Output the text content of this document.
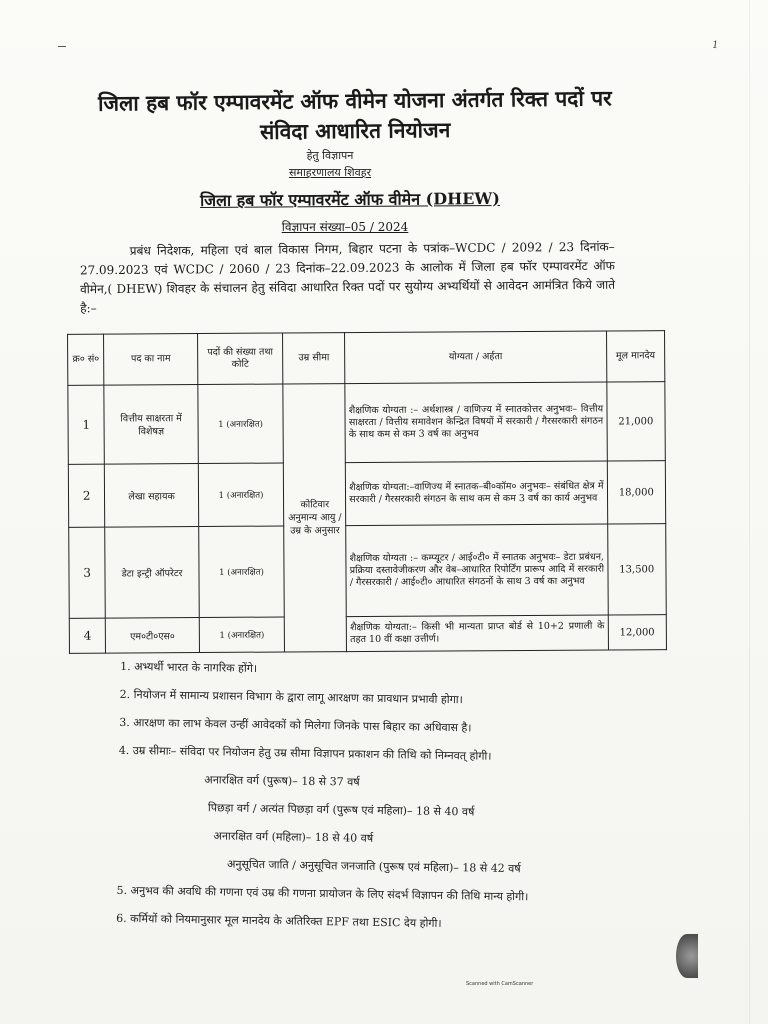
1
जिला हब फॉर एम्पावरमेंट ऑफ वीमेन योजना अंतर्गत रिक्त पदों पर संविदा आधारित नियोजन
हेतु विज्ञापन
समाहरणालय शिवहर
जिला हब फॉर एम्पावरमेंट ऑफ वीमेन (DHEW)
विज्ञापन संख्या–05 / 2024
प्रबंध निदेशक, महिला एवं बाल विकास निगम, बिहार पटना के पत्रांक–WCDC / 2092 / 23 दिनांक–27.09.2023 एवं WCDC / 2060 / 23 दिनांक–22.09.2023 के आलोक में जिला हब फॉर एम्पावरमेंट ऑफ वीमेन,( DHEW) शिवहर के संचालन हेतु संविदा आधारित रिक्त पदों पर सुयोग्य अभ्यर्थियों से आवेदन आमंत्रित किये जाते है:–
क्र० सं०	पद का नाम	पदों की संख्या तथा कोटि	उम्र सीमा	योग्यता / अर्हता	मूल मानदेय
1	वित्तीय साक्षरता में विशेषज्ञ	1 (अनारक्षित)	कोटिवार अनुमान्य आयु / उम्र के अनुसार	शैक्षणिक योग्यता :– अर्थशास्त्र / वाणिज्य में स्नातकोत्तर अनुभवः– वित्तीय साक्षरता / वित्तीय समावेशन केन्द्रित विषयों में सरकारी / गैरसरकारी संगठन के साथ कम से कम 3 वर्ष का अनुभव	21,000
2	लेखा सहायक	1 (अनारक्षित)		शैक्षणिक योग्यता:–वाणिज्य में स्नातक–बी०कॉम० अनुभवः– संबंधित क्षेत्र में सरकारी / गैरसरकारी संगठन के साथ कम से कम 3 वर्ष का कार्य अनुभव	18,000
3	डेटा इन्ट्री ऑपरेटर	1 (अनारक्षित)		शैक्षणिक योग्यता :– कम्प्यूटर / आई०टी० में स्नातक अनुभवः– डेटा प्रबंधन, प्रक्रिया दस्तावेजीकरण और वेब–आधारित रिपोर्टिंग प्रारूप आदि में सरकारी / गैरसरकारी / आई०टी० आधारित संगठनों के साथ 3 वर्ष का अनुभव	13,500
4	एम०टी०एस०	1 (अनारक्षित)		शैक्षणिक योग्यता:– किसी भी मान्यता प्राप्त बोर्ड से 10+2 प्रणाली के तहत 10 वीं कक्षा उत्तीर्ण।	12,000

1. अभ्यर्थी भारत के नागरिक होंगे।

2. नियोजन में सामान्य प्रशासन विभाग के द्वारा लागू आरक्षण का प्रावधान प्रभावी होगा।

3. आरक्षण का लाभ केवल उन्हीं आवेदकों को मिलेगा जिनके पास बिहार का अधिवास है।

4. उम्र सीमाः– संविदा पर नियोजन हेतु उम्र सीमा विज्ञापन प्रकाशन की तिथि को निम्नवत् होगी।

अनारक्षित वर्ग (पुरूष)– 18 से 37 वर्ष

पिछड़ा वर्ग / अत्यंत पिछड़ा वर्ग (पुरूष एवं महिला)– 18 से 40 वर्ष

अनारक्षित वर्ग (महिला)– 18 से 40 वर्ष

अनुसूचित जाति / अनुसूचित जनजाति (पुरूष एवं महिला)– 18 से 42 वर्ष

5. अनुभव की अवधि की गणना एवं उम्र की गणना प्रायोजन के लिए संदर्भ विज्ञापन की तिथि मान्य होगी।

6. कर्मियों को नियमानुसार मूल मानदेय के अतिरिक्त EPF तथा ESIC देय होगी।

Scanned with CamScanner
